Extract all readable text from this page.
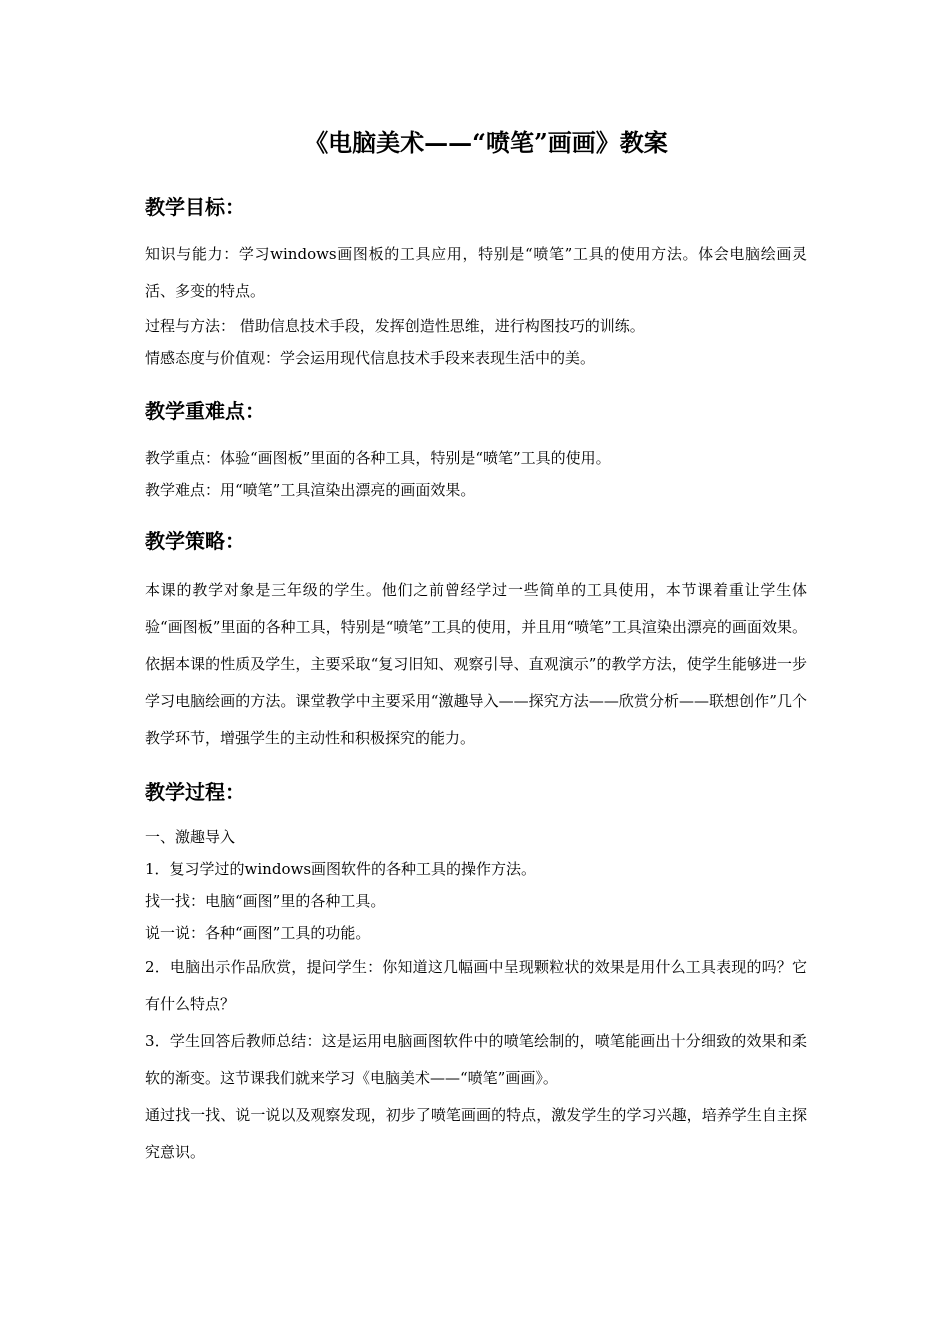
《电脑美术——“喷笔”画画》教案
教学目标：

知识与能力：学习windows画图板的工具应用，特别是“喷笔”工具的使用方法。体会电脑绘画灵活、多变的特点。

过程与方法： 借助信息技术手段，发挥创造性思维，进行构图技巧的训练。

情感态度与价值观：学会运用现代信息技术手段来表现生活中的美。

教学重难点：

教学重点：体验“画图板”里面的各种工具，特别是“喷笔”工具的使用。

教学难点：用“喷笔”工具渲染出漂亮的画面效果。

教学策略：

本课的教学对象是三年级的学生。他们之前曾经学过一些简单的工具使用，本节课着重让学生体验“画图板”里面的各种工具，特别是“喷笔”工具的使用，并且用“喷笔”工具渲染出漂亮的画面效果。依据本课的性质及学生，主要采取“复习旧知、观察引导、直观演示”的教学方法，使学生能够进一步学习电脑绘画的方法。课堂教学中主要采用“激趣导入——探究方法——欣赏分析——联想创作”几个教学环节，增强学生的主动性和积极探究的能力。

教学过程：

一、激趣导入

1．复习学过的windows画图软件的各种工具的操作方法。

找一找：电脑“画图”里的各种工具。

说一说：各种“画图”工具的功能。

2．电脑出示作品欣赏，提问学生：你知道这几幅画中呈现颗粒状的效果是用什么工具表现的吗？它有什么特点？

3．学生回答后教师总结：这是运用电脑画图软件中的喷笔绘制的，喷笔能画出十分细致的效果和柔软的渐变。这节课我们就来学习《电脑美术——“喷笔”画画》。

通过找一找、说一说以及观察发现，初步了喷笔画画的特点，激发学生的学习兴趣，培养学生自主探究意识。
